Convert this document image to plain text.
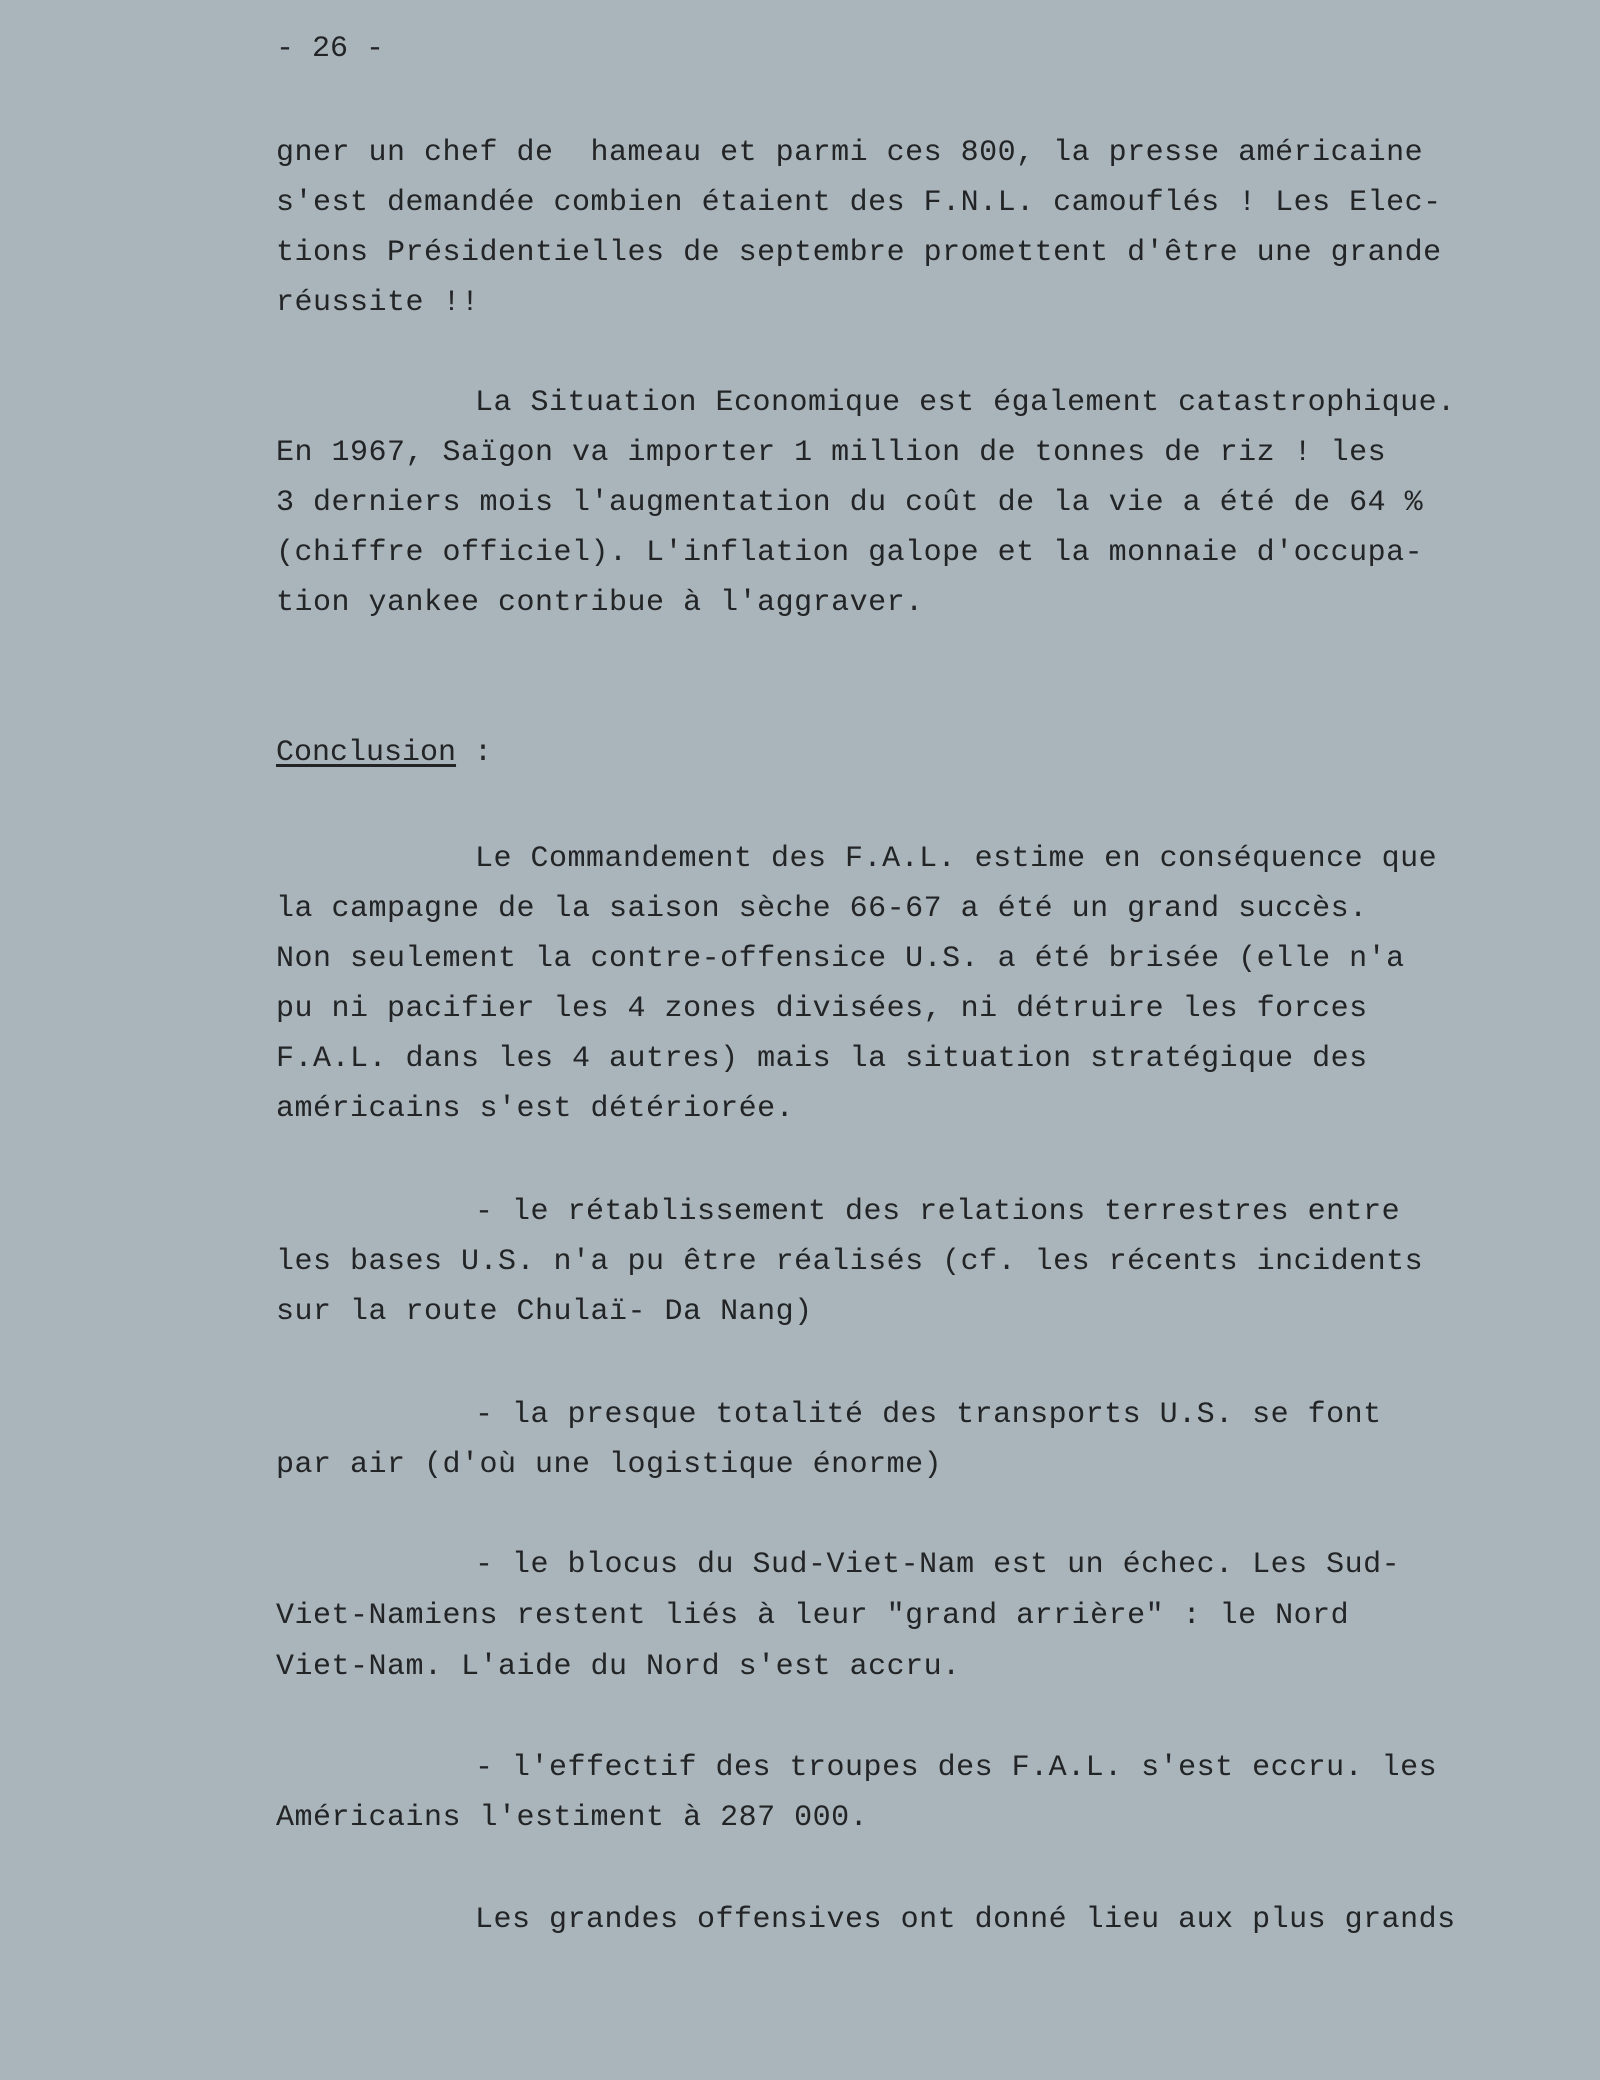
- 26 -
gner un chef de  hameau et parmi ces 800, la presse américaine
s'est demandée combien étaient des F.N.L. camouflés ! Les Elec-
tions Présidentielles de septembre promettent d'être une grande
réussite !!
La Situation Economique est également catastrophique.
En 1967, Saïgon va importer 1 million de tonnes de riz ! les
3 derniers mois l'augmentation du coût de la vie a été de 64 %
(chiffre officiel). L'inflation galope et la monnaie d'occupa-
tion yankee contribue à l'aggraver.
Conclusion :
Le Commandement des F.A.L. estime en conséquence que
la campagne de la saison sèche 66-67 a été un grand succès.
Non seulement la contre-offensice U.S. a été brisée (elle n'a
pu ni pacifier les 4 zones divisées, ni détruire les forces
F.A.L. dans les 4 autres) mais la situation stratégique des
américains s'est détériorée.
- le rétablissement des relations terrestres entre
les bases U.S. n'a pu être réalisés (cf. les récents incidents
sur la route Chulaï- Da Nang)
- la presque totalité des transports U.S. se font
par air (d'où une logistique énorme)
- le blocus du Sud-Viet-Nam est un échec. Les Sud-
Viet-Namiens restent liés à leur "grand arrière" : le Nord
Viet-Nam. L'aide du Nord s'est accru.
- l'effectif des troupes des F.A.L. s'est eccru. les
Américains l'estiment à 287 000.
Les grandes offensives ont donné lieu aux plus grands
